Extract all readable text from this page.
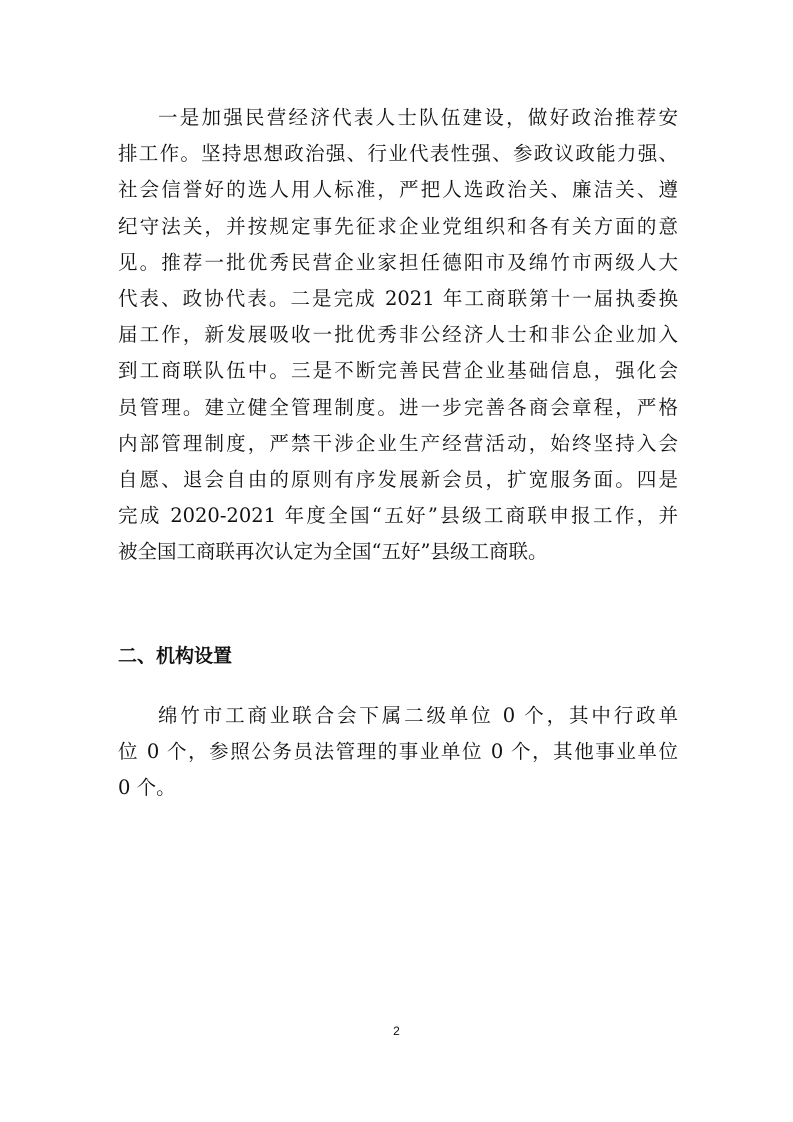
一是加强民营经济代表人士队伍建设，做好政治推荐安
排工作。坚持思想政治强、行业代表性强、参政议政能力强、
社会信誉好的选人用人标准，严把人选政治关、廉洁关、遵
纪守法关，并按规定事先征求企业党组织和各有关方面的意
见。推荐一批优秀民营企业家担任德阳市及绵竹市两级人大
代表、政协代表。二是完成 2021 年工商联第十一届执委换
届工作，新发展吸收一批优秀非公经济人士和非公企业加入
到工商联队伍中。三是不断完善民营企业基础信息，强化会
员管理。建立健全管理制度。进一步完善各商会章程，严格
内部管理制度，严禁干涉企业生产经营活动，始终坚持入会
自愿、退会自由的原则有序发展新会员，扩宽服务面。四是
完成 2020-2021 年度全国“五好”县级工商联申报工作，并
被全国工商联再次认定为全国“五好”县级工商联。
二、机构设置
绵竹市工商业联合会下属二级单位 0 个，其中行政单
位 0 个，参照公务员法管理的事业单位 0 个，其他事业单位
0 个。
2
